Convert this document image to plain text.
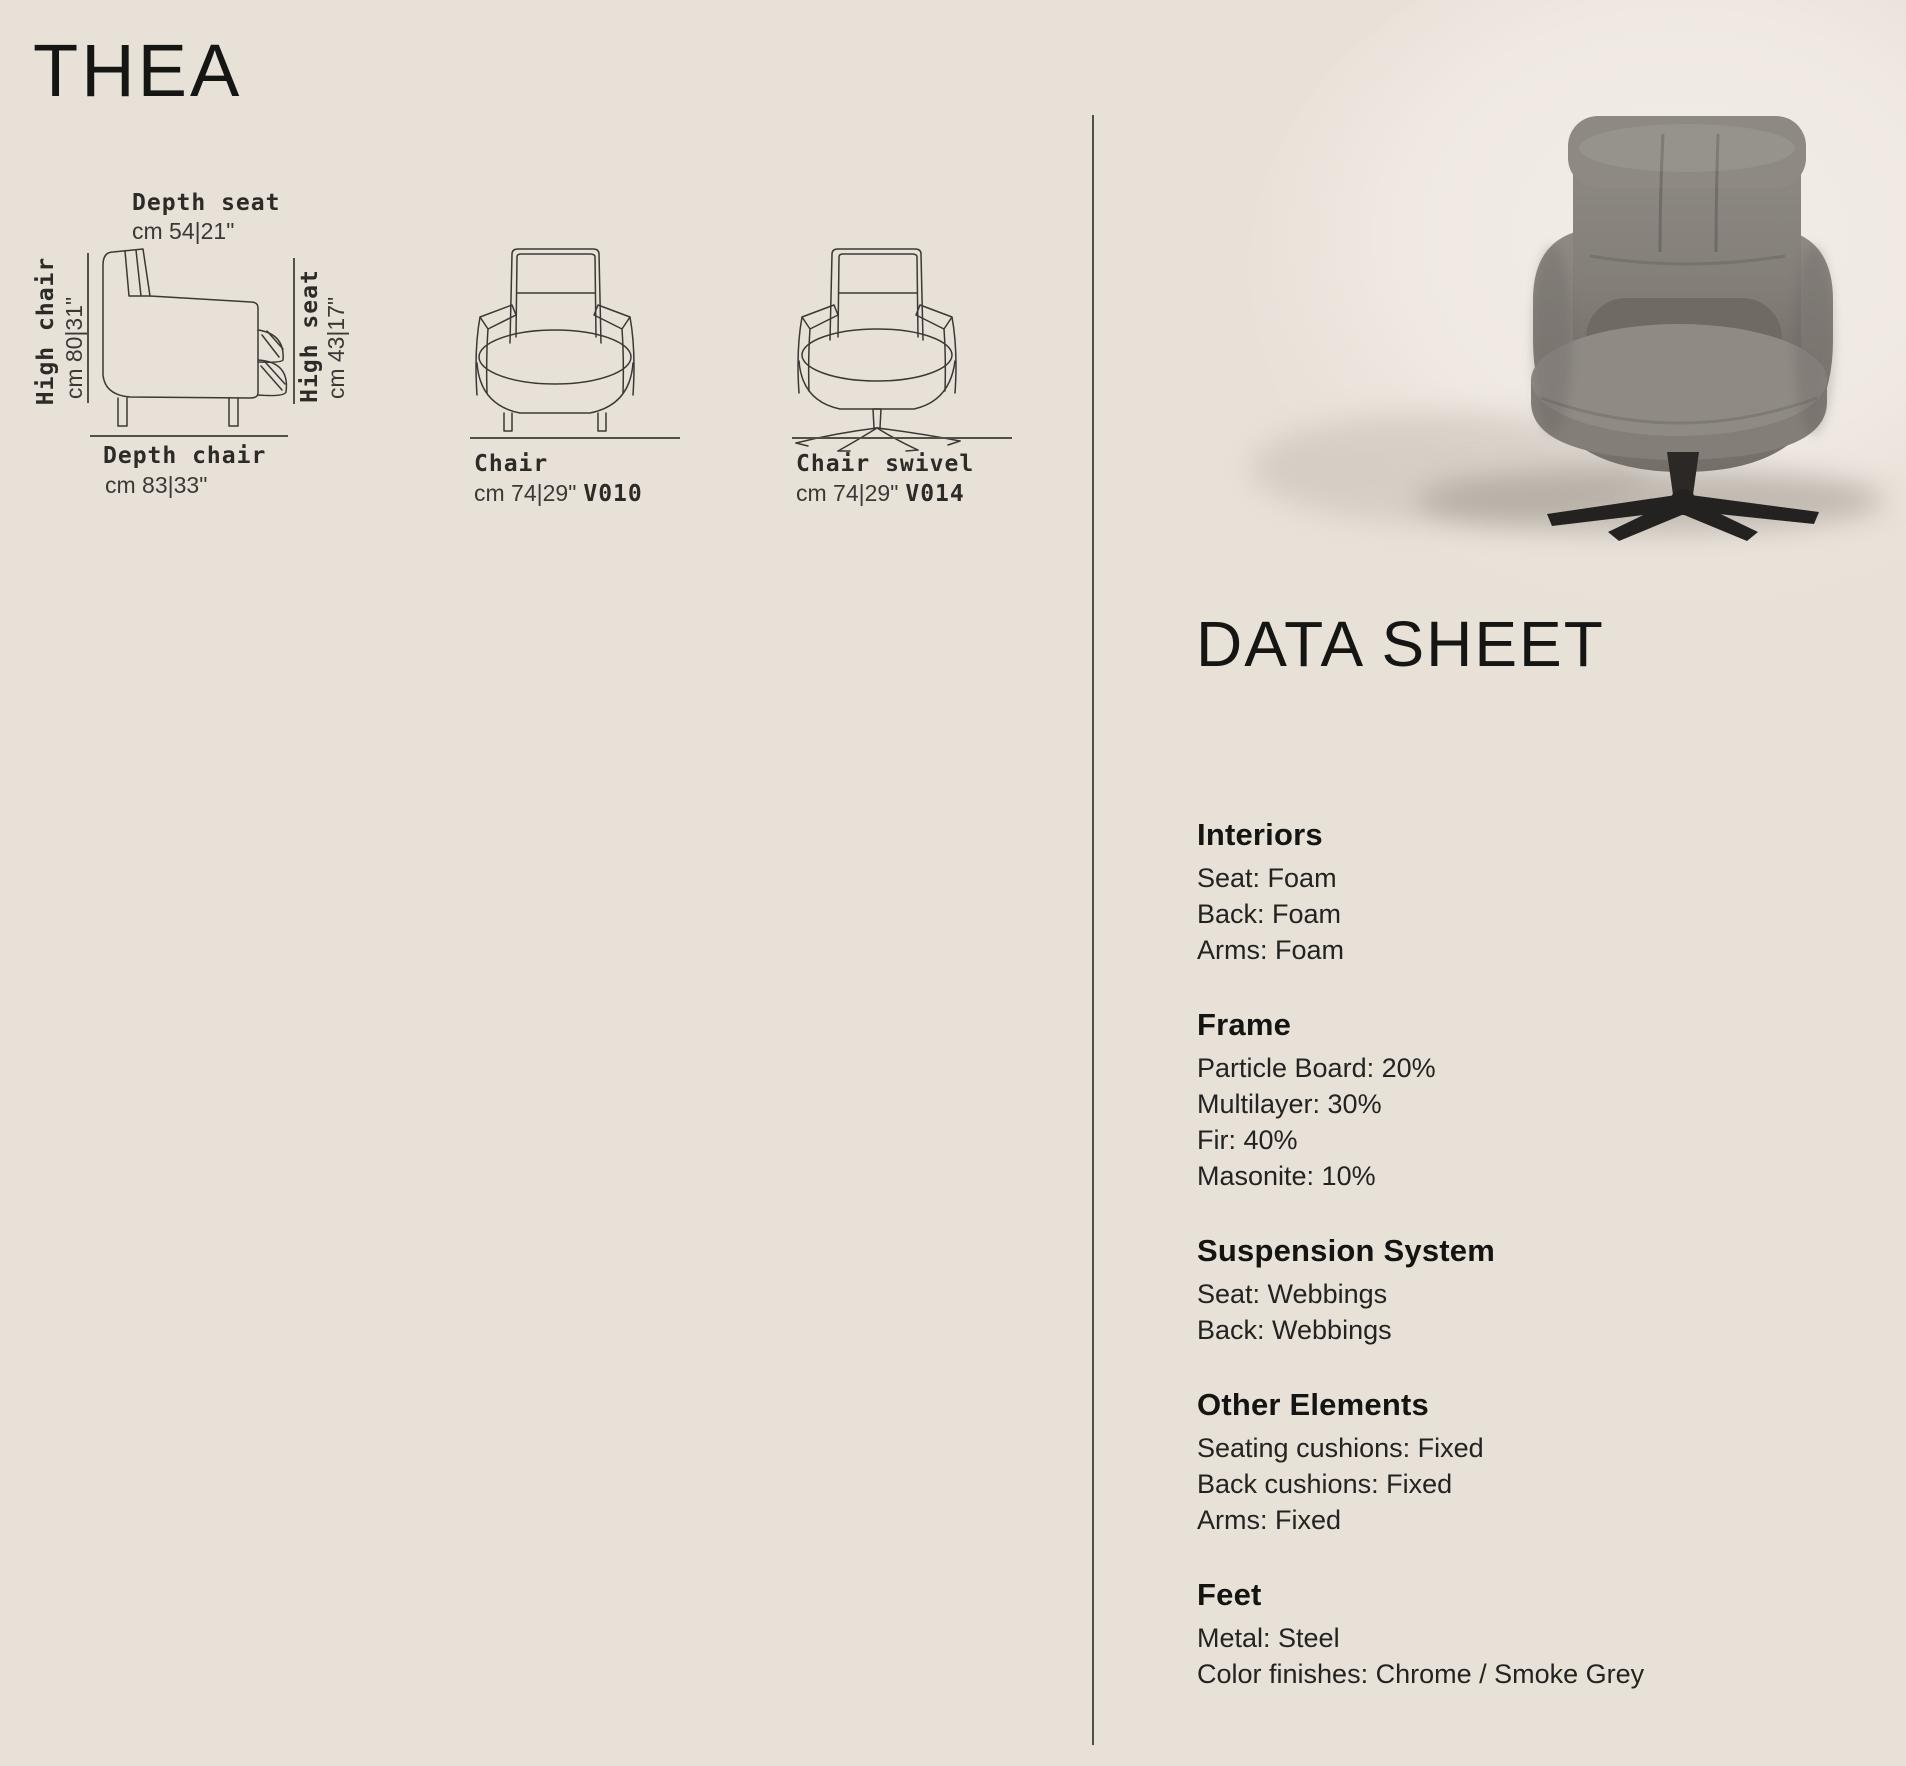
THEA
Depth seat
cm 54|21"
High chair cm 80|31"	High seat cm 43|17"
Depth chair
cm 83|33"
Chair
cm 74|29" V010
Chair swivel
cm 74|29" V014
DATA SHEET
Interiors

Seat: Foam

Back: Foam

Arms: Foam

Frame

Particle Board: 20%

Multilayer: 30%

Fir: 40%

Masonite: 10%

Suspension System

Seat: Webbings

Back: Webbings

Other Elements

Seating cushions: Fixed

Back cushions: Fixed

Arms: Fixed

Feet

Metal: Steel

Color finishes: Chrome / Smoke Grey
